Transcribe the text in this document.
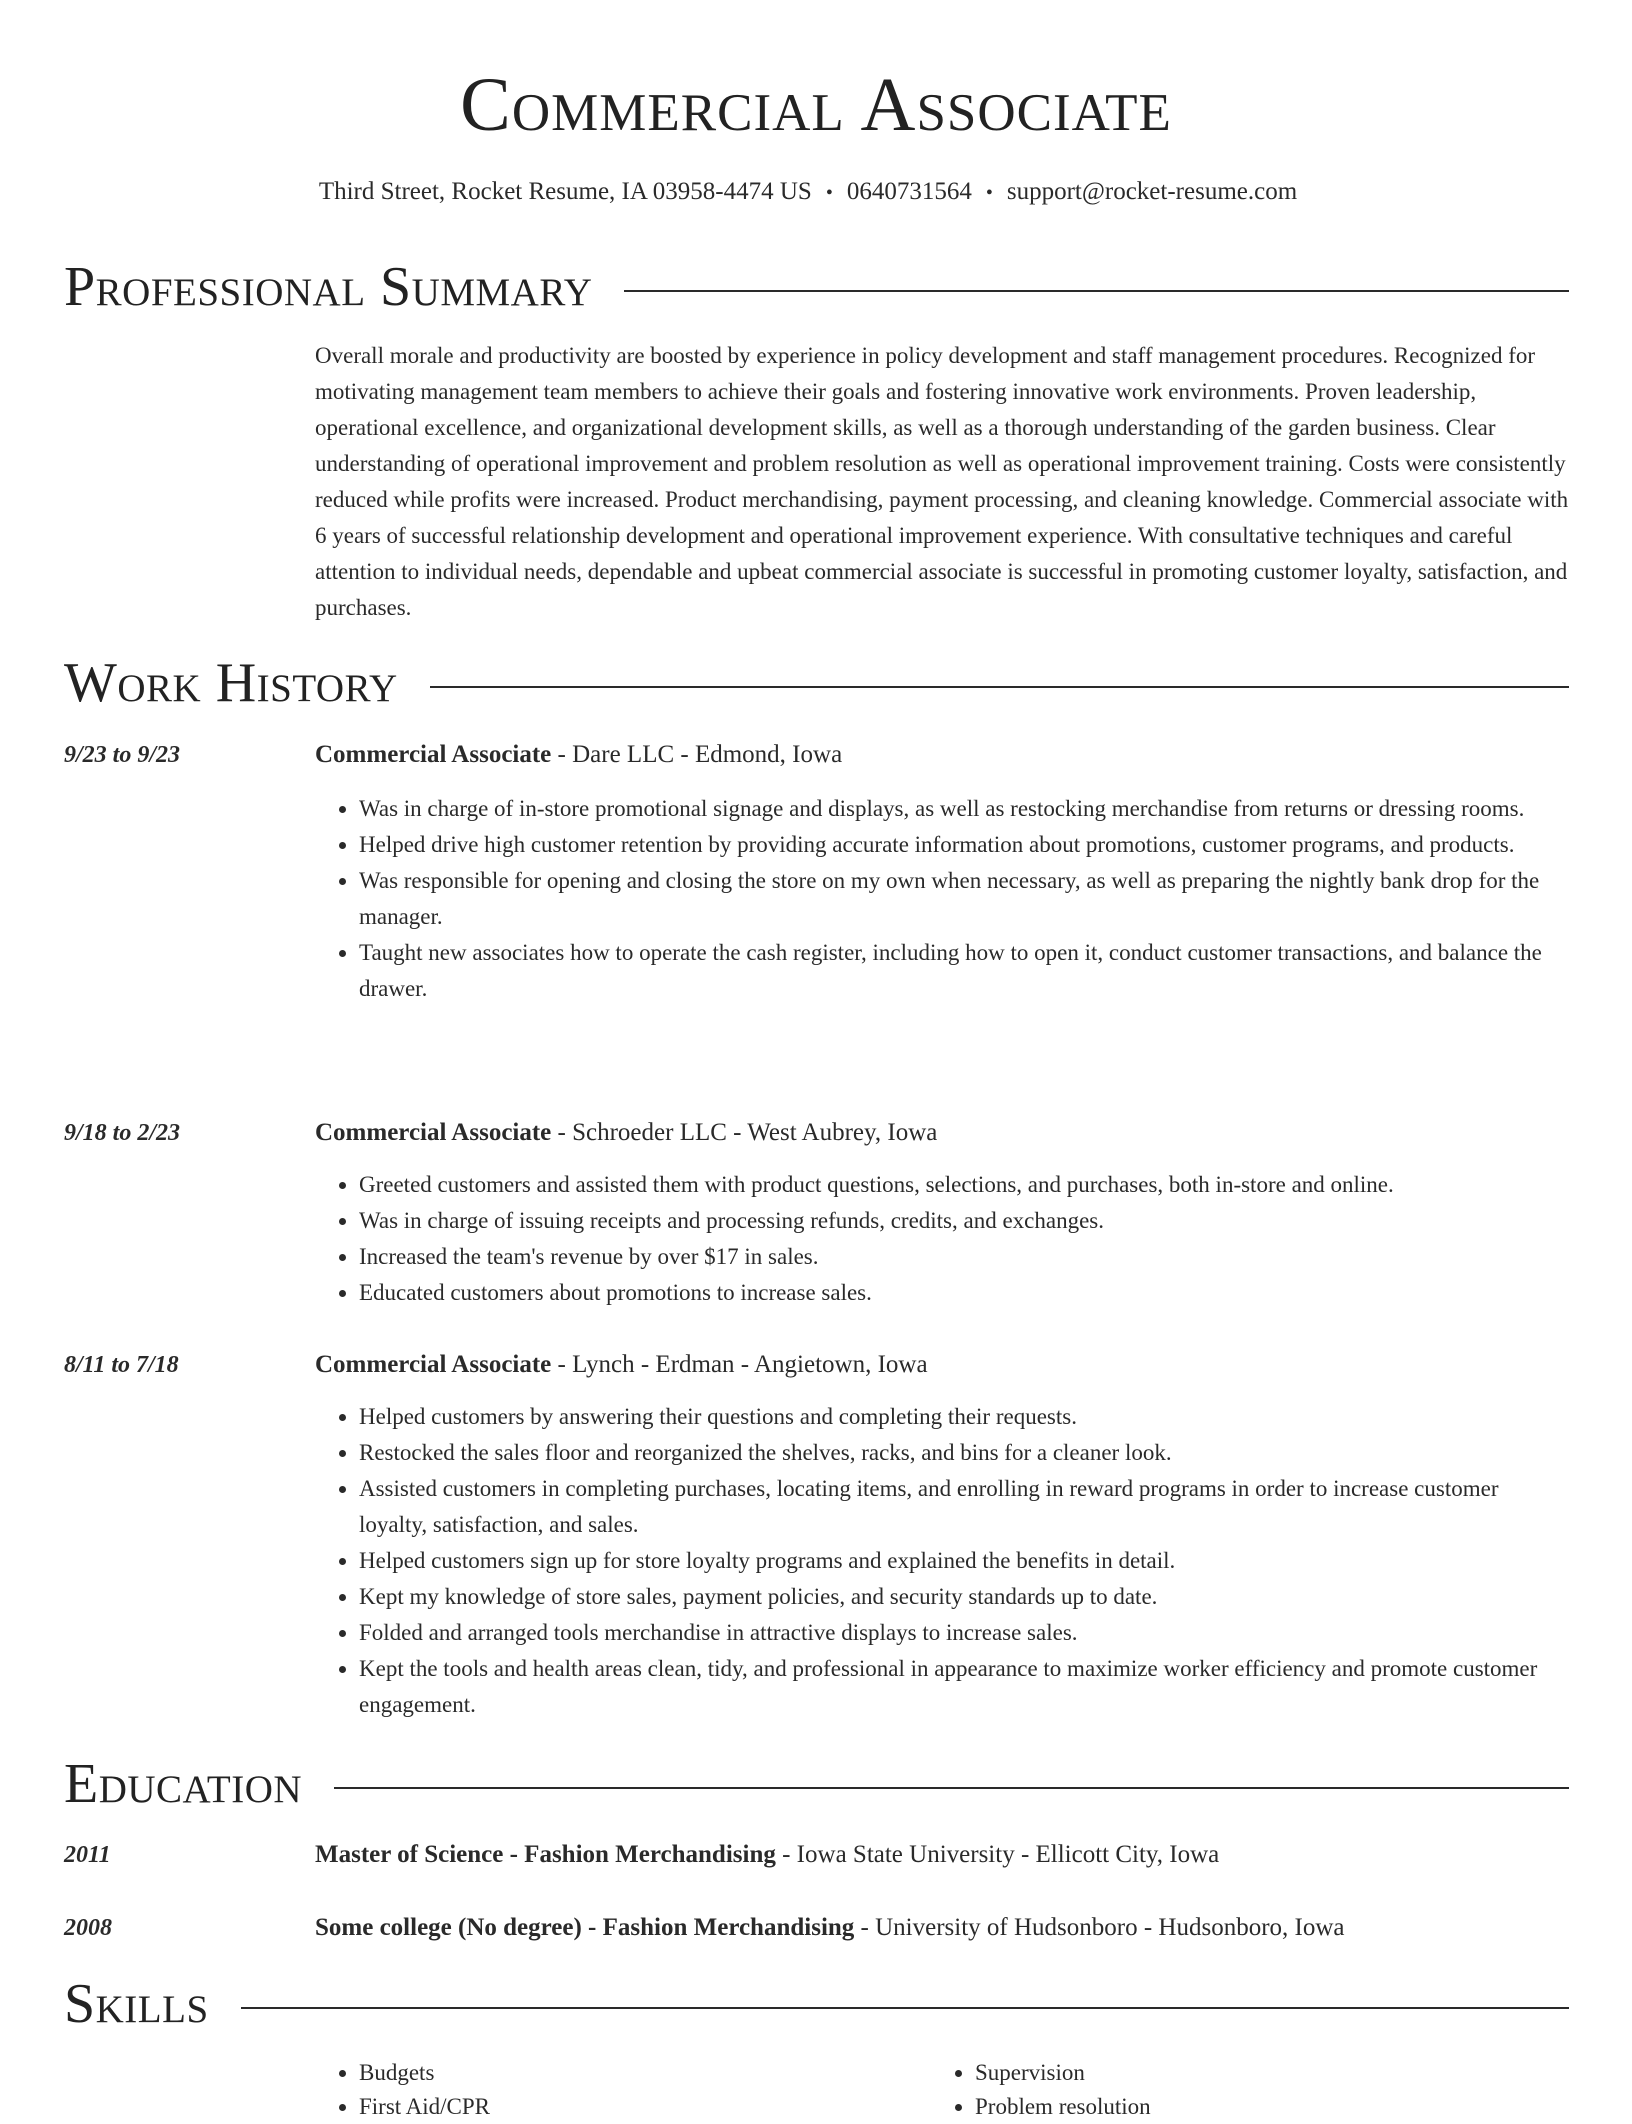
Commercial Associate
Third Street, Rocket Resume, IA 03958-4474 US • 0640731564 • support@rocket-resume.com
Professional Summary

Overall morale and productivity are boosted by experience in policy development and staff management procedures. Recognized for motivating management team members to achieve their goals and fostering innovative work environments. Proven leadership, operational excellence, and organizational development skills, as well as a thorough understanding of the garden business. Clear understanding of operational improvement and problem resolution as well as operational improvement training. Costs were consistently reduced while profits were increased. Product merchandising, payment processing, and cleaning knowledge. Commercial associate with 6 years of successful relationship development and operational improvement experience. With consultative techniques and careful attention to individual needs, dependable and upbeat commercial associate is successful in promoting customer loyalty, satisfaction, and purchases.

Work History
9/23 to 9/23	Commercial Associate - Dare LLC - Edmond, Iowa
• Was in charge of in-store promotional signage and displays, as well as restocking merchandise from returns or dressing rooms.
• Helped drive high customer retention by providing accurate information about promotions, customer programs, and products.
• Was responsible for opening and closing the store on my own when necessary, as well as preparing the nightly bank drop for the manager.
• Taught new associates how to operate the cash register, including how to open it, conduct customer transactions, and balance the drawer.
9/18 to 2/23	Commercial Associate - Schroeder LLC - West Aubrey, Iowa
• Greeted customers and assisted them with product questions, selections, and purchases, both in-store and online.
• Was in charge of issuing receipts and processing refunds, credits, and exchanges.
• Increased the team's revenue by over $17 in sales.
• Educated customers about promotions to increase sales.
8/11 to 7/18	Commercial Associate - Lynch - Erdman - Angietown, Iowa
• Helped customers by answering their questions and completing their requests.
• Restocked the sales floor and reorganized the shelves, racks, and bins for a cleaner look.
• Assisted customers in completing purchases, locating items, and enrolling in reward programs in order to increase customer loyalty, satisfaction, and sales.
• Helped customers sign up for store loyalty programs and explained the benefits in detail.
• Kept my knowledge of store sales, payment policies, and security standards up to date.
• Folded and arranged tools merchandise in attractive displays to increase sales.
• Kept the tools and health areas clean, tidy, and professional in appearance to maximize worker efficiency and promote customer engagement.
Education
2011	Master of Science - Fashion Merchandising - Iowa State University - Ellicott City, Iowa
2008	Some college (No degree) - Fashion Merchandising - University of Hudsonboro - Hudsonboro, Iowa
Skills
• Budgets
• First Aid/CPR
• Supervision
• Problem resolution
